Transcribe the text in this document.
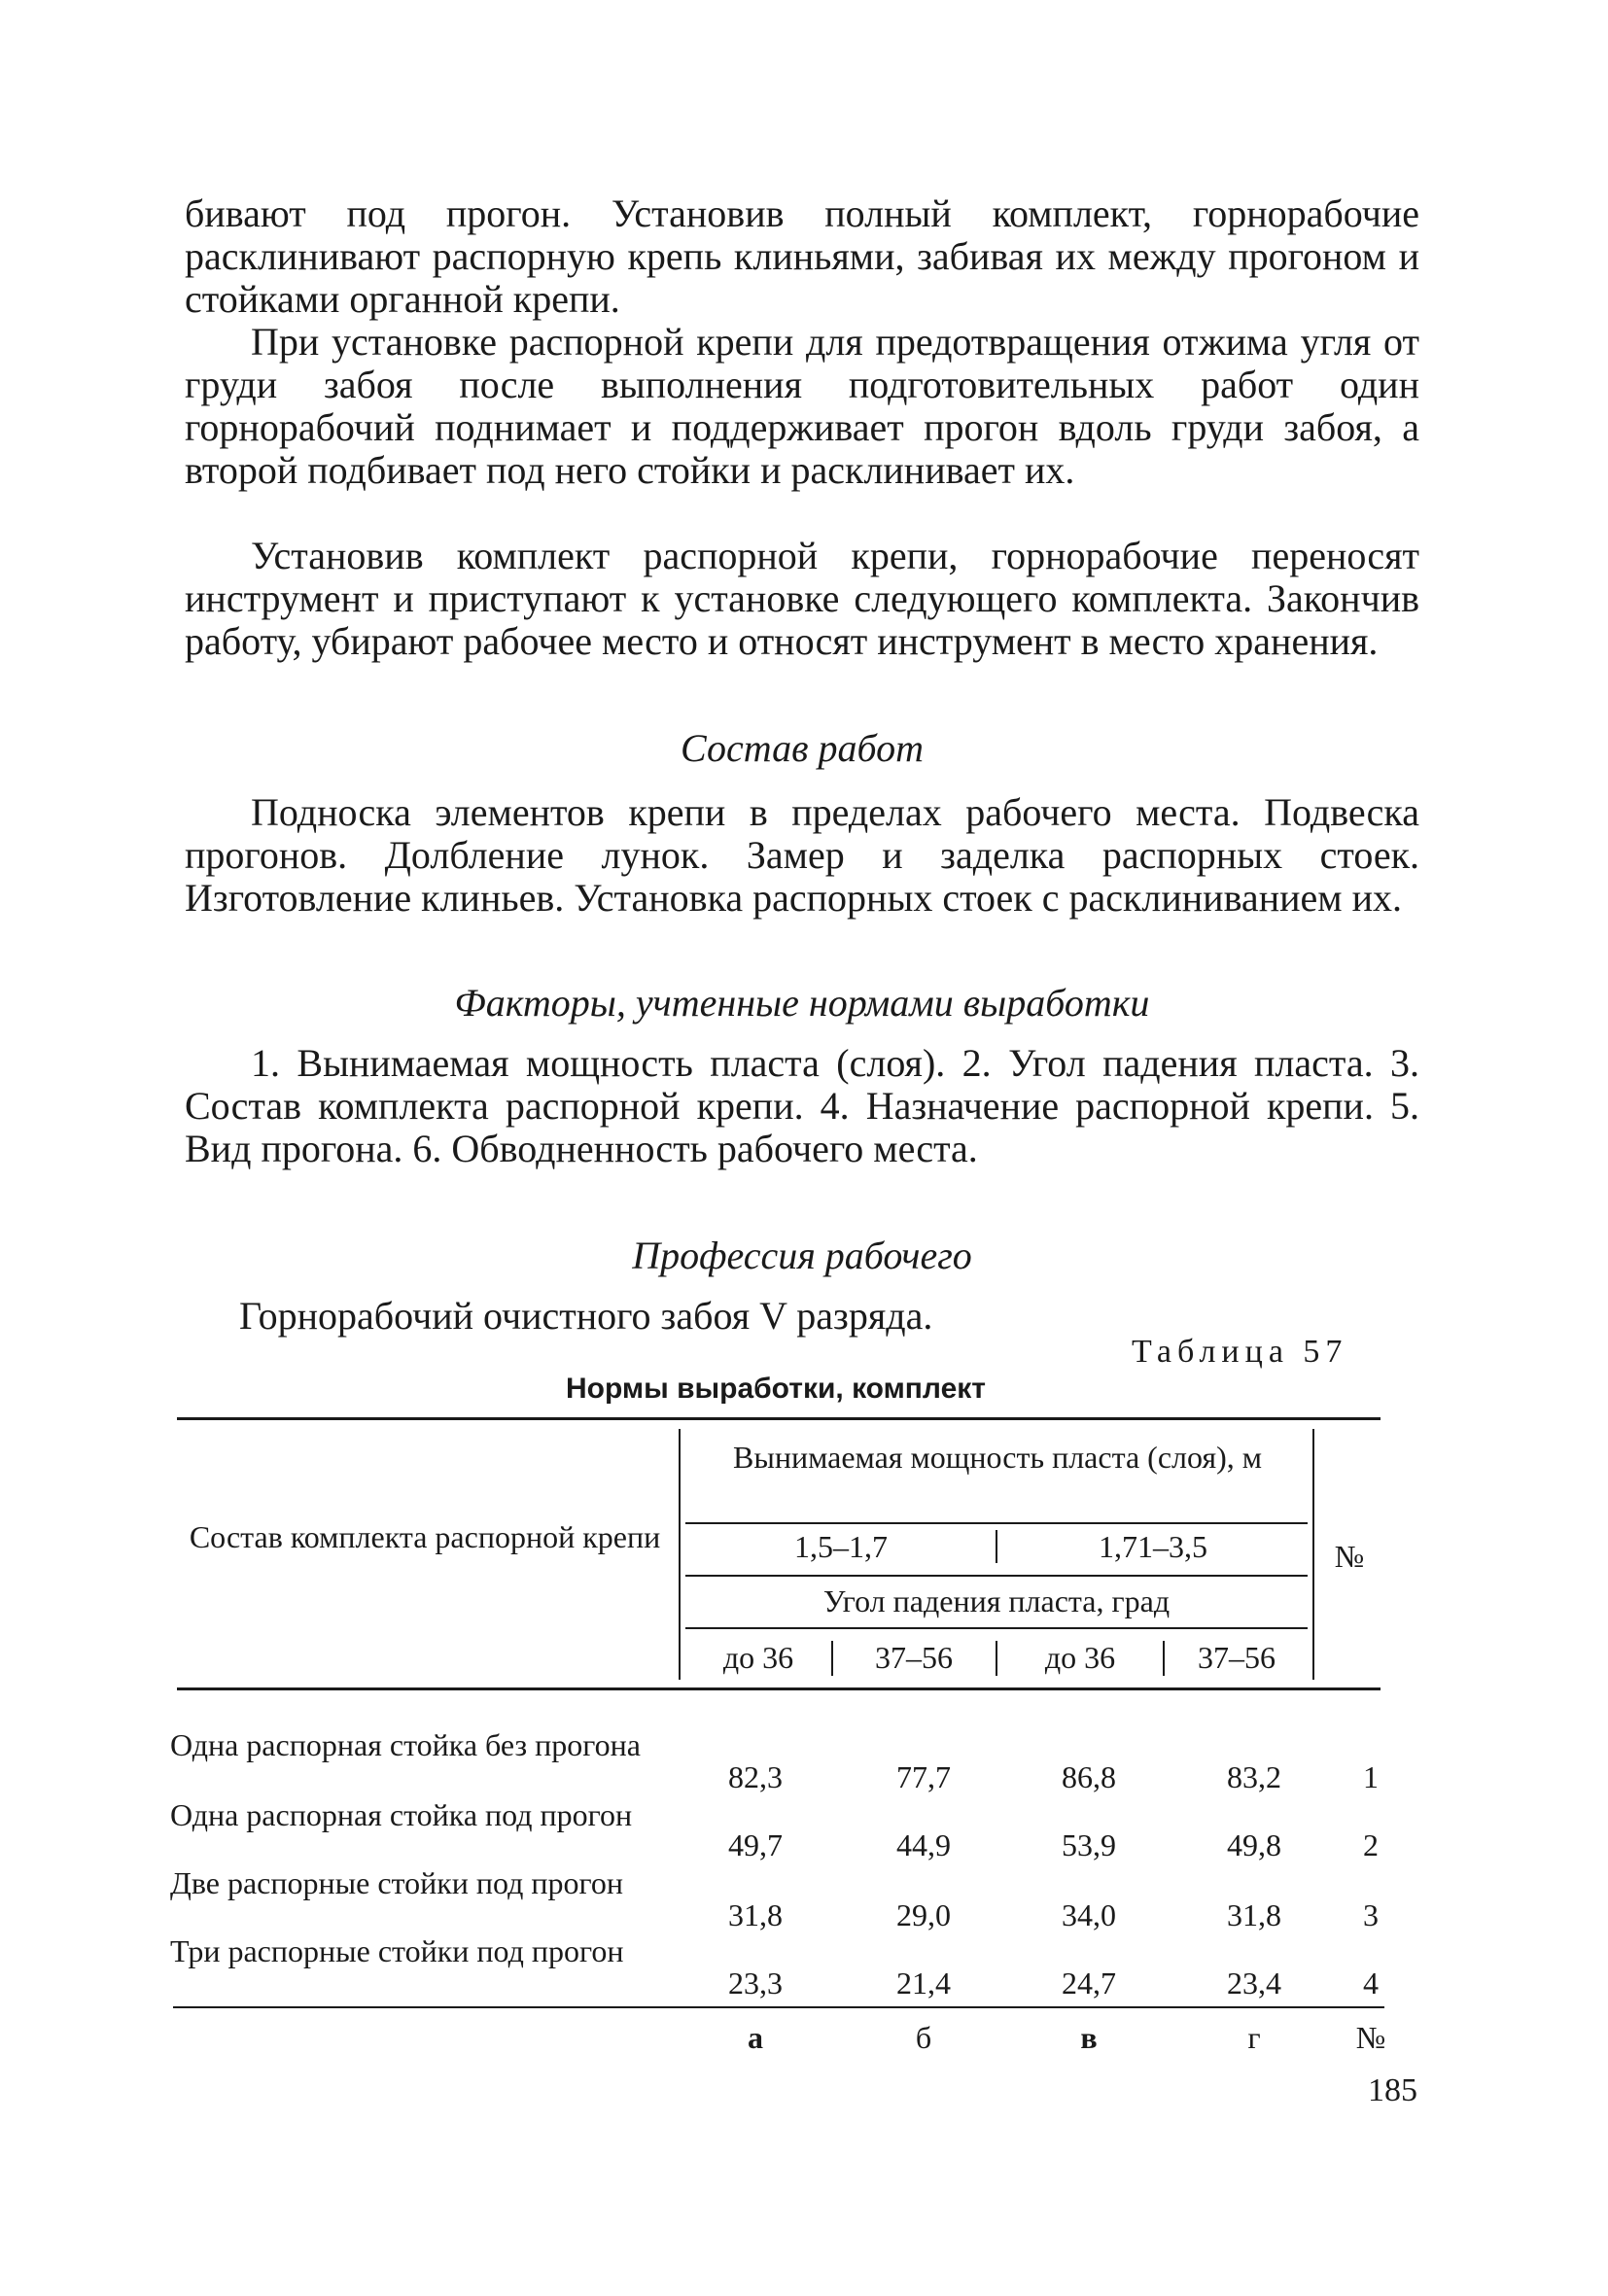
бивают под прогон. Установив полный комплект, горнорабочие расклинивают распорную крепь клиньями, забивая их между прогоном и стойками органной крепи.

При установке распорной крепи для предотвращения отжима угля от груди забоя после выполнения подготовительных работ один горнорабочий поднимает и поддерживает прогон вдоль груди забоя, а второй подбивает под него стойки и расклинивает их.

Установив комплект распорной крепи, горнорабочие переносят инструмент и приступают к установке следующего комплекта. Закончив работу, убирают рабочее место и относят инструмент в место хранения.

Состав работ

Подноска элементов крепи в пределах рабочего места. Подвеска прогонов. Долбление лунок. Замер и заделка распорных стоек. Изготовление клиньев. Установка распорных стоек с расклиниванием их.

Факторы, учтенные нормами выработки

1. Вынимаемая мощность пласта (слоя). 2. Угол падения пласта. 3. Состав комплекта распорной крепи. 4. Назначение распорной крепи. 5. Вид прогона. 6. Обводненность рабочего места.

Профессия рабочего

Горнорабочий очистного забоя V разряда.

Таблица 57
Нормы выработки, комплект
Состав комплекта распорной крепи
Вынимаемая мощность пласта (слоя), м
1,5–1,7	1,71–3,5
Угол падения пласта, град
до 36	37–56	до 36	37–56
№
Одна распорная стойка без прогона
82,3	77,7	86,8	83,2	1
Одна распорная стойка под прогон
49,7	44,9	53,9	49,8	2
Две распорные стойки под прогон
31,8	29,0	34,0	31,8	3
Три распорные стойки под прогон
23,3	21,4	24,7	23,4	4
а	б	в	г	№
185
